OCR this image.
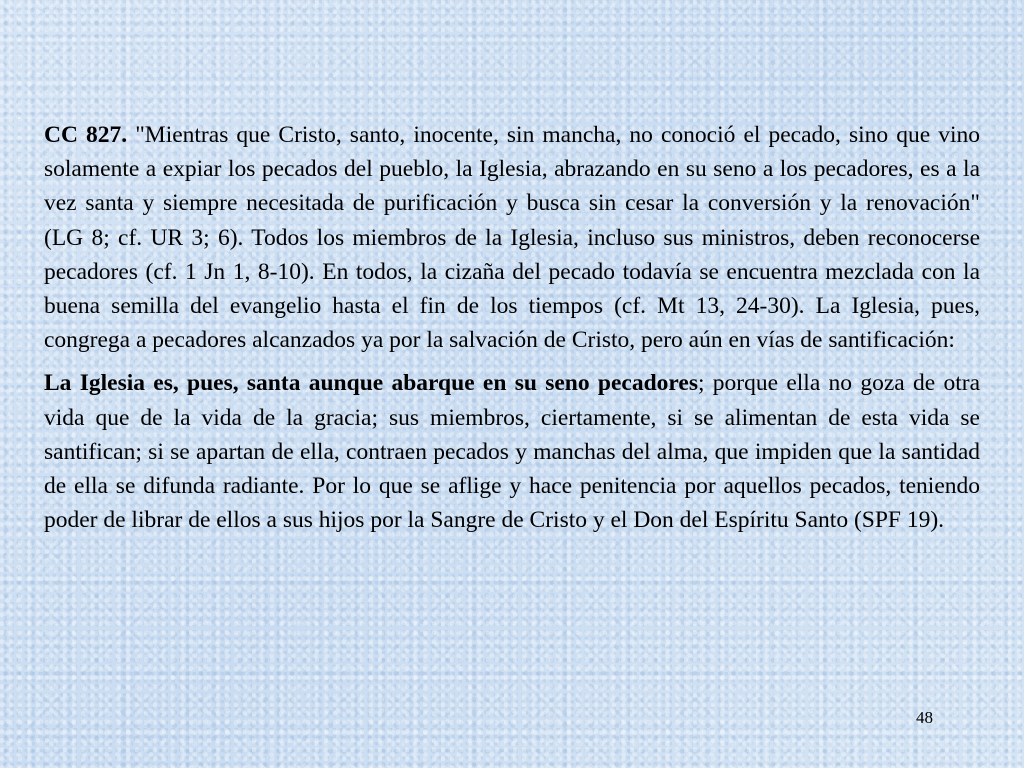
CC 827. "Mientras que Cristo, santo, inocente, sin mancha, no conoció el pecado, sino que vino solamente a expiar los pecados del pueblo, la Iglesia, abrazando en su seno a los pecadores, es a la vez santa y siempre necesitada de purificación y busca sin cesar la conversión y la renovación" (LG 8; cf. UR 3; 6). Todos los miembros de la Iglesia, incluso sus ministros, deben reconocerse pecadores (cf. 1 Jn 1, 8-10). En todos, la cizaña del pecado todavía se encuentra mezclada con la buena semilla del evangelio hasta el fin de los tiempos (cf. Mt 13, 24-30). La Iglesia, pues, congrega a pecadores alcanzados ya por la salvación de Cristo, pero aún en vías de santificación:

La Iglesia es, pues, santa aunque abarque en su seno pecadores; porque ella no goza de otra vida que de la vida de la gracia; sus miembros, ciertamente, si se alimentan de esta vida se santifican; si se apartan de ella, contraen pecados y manchas del alma, que impiden que la santidad de ella se difunda radiante. Por lo que se aflige y hace penitencia por aquellos pecados, teniendo poder de librar de ellos a sus hijos por la Sangre de Cristo y el Don del Espíritu Santo (SPF 19).

48
